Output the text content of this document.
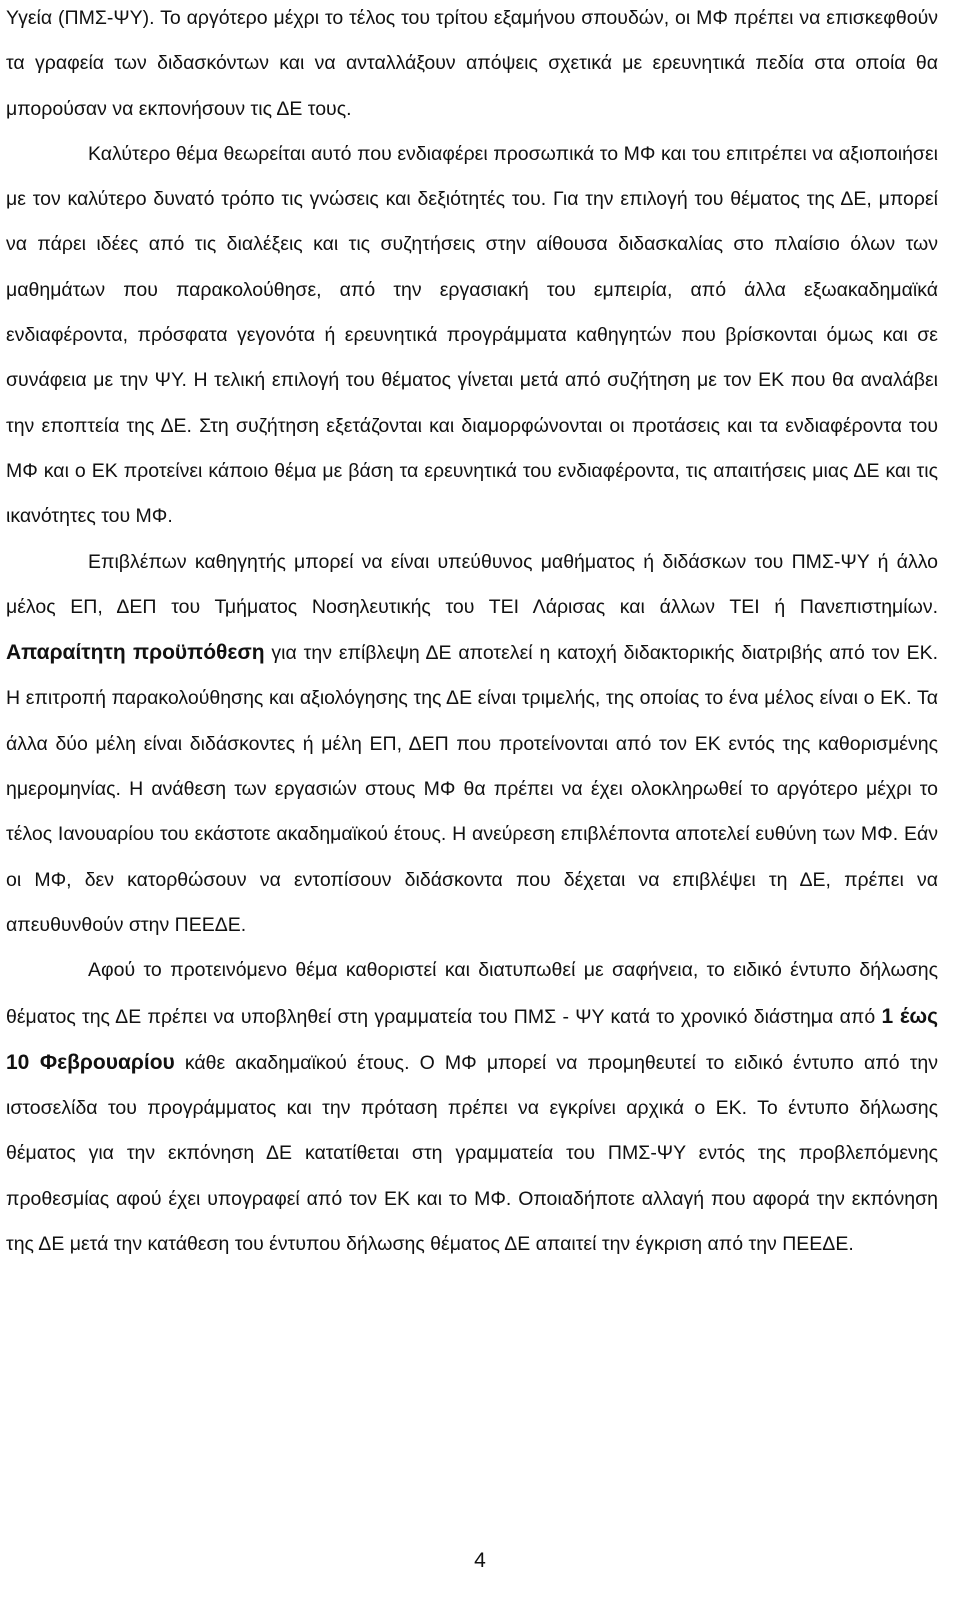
Υγεία (ΠΜΣ-ΨΥ). Το αργότερο μέχρι το τέλος του τρίτου εξαμήνου σπουδών, οι ΜΦ πρέπει να επισκεφθούν τα γραφεία των διδασκόντων και να ανταλλάξουν απόψεις σχετικά με ερευνητικά πεδία στα οποία θα μπορούσαν να εκπονήσουν τις ΔΕ τους.

Καλύτερο θέμα θεωρείται αυτό που ενδιαφέρει προσωπικά το ΜΦ και του επιτρέπει να αξιοποιήσει με τον καλύτερο δυνατό τρόπο τις γνώσεις και δεξιότητές του. Για την επιλογή του θέματος της ΔΕ, μπορεί να πάρει ιδέες από τις διαλέξεις και τις συζητήσεις στην αίθουσα διδασκαλίας στο πλαίσιο όλων των μαθημάτων που παρακολούθησε, από την εργασιακή του εμπειρία, από άλλα εξωακαδημαϊκά ενδιαφέροντα, πρόσφατα γεγονότα ή ερευνητικά προγράμματα καθηγητών που βρίσκονται όμως και σε συνάφεια με την ΨΥ. Η τελική επιλογή του θέματος γίνεται μετά από συζήτηση με τον ΕΚ που θα αναλάβει την εποπτεία της ΔΕ. Στη συζήτηση εξετάζονται και διαμορφώνονται οι προτάσεις και τα ενδιαφέροντα του ΜΦ και ο ΕΚ προτείνει κάποιο θέμα με βάση τα ερευνητικά του ενδιαφέροντα, τις απαιτήσεις μιας ΔΕ και τις ικανότητες του ΜΦ.

Επιβλέπων καθηγητής μπορεί να είναι υπεύθυνος μαθήματος ή διδάσκων του ΠΜΣ-ΨΥ ή άλλο μέλος ΕΠ, ΔΕΠ του Τμήματος Νοσηλευτικής του ΤΕΙ Λάρισας και άλλων ΤΕΙ ή Πανεπιστημίων. Απαραίτητη προϋπόθεση για την επίβλεψη ΔΕ αποτελεί η κατοχή διδακτορικής διατριβής από τον ΕΚ. Η επιτροπή παρακολούθησης και αξιολόγησης της ΔΕ είναι τριμελής, της οποίας το ένα μέλος είναι ο ΕΚ. Τα άλλα δύο μέλη είναι διδάσκοντες ή μέλη ΕΠ, ΔΕΠ που προτείνονται από τον ΕΚ εντός της καθορισμένης ημερομηνίας. Η ανάθεση των εργασιών στους ΜΦ θα πρέπει να έχει ολοκληρωθεί το αργότερο μέχρι το τέλος Ιανουαρίου του εκάστοτε ακαδημαϊκού έτους. Η ανεύρεση επιβλέποντα αποτελεί ευθύνη των ΜΦ. Εάν οι ΜΦ, δεν κατορθώσουν να εντοπίσουν διδάσκοντα που δέχεται να επιβλέψει τη ΔΕ, πρέπει να απευθυνθούν στην ΠΕΕΔΕ.

Αφού το προτεινόμενο θέμα καθοριστεί και διατυπωθεί με σαφήνεια, το ειδικό έντυπο δήλωσης θέματος της ΔΕ πρέπει να υποβληθεί στη γραμματεία του ΠΜΣ - ΨΥ κατά το χρονικό διάστημα από 1 έως 10 Φεβρουαρίου κάθε ακαδημαϊκού έτους. Ο ΜΦ μπορεί να προμηθευτεί το ειδικό έντυπο από την ιστοσελίδα του προγράμματος και την πρόταση πρέπει να εγκρίνει αρχικά ο ΕΚ. Το έντυπο δήλωσης θέματος για την εκπόνηση ΔΕ κατατίθεται στη γραμματεία του ΠΜΣ-ΨΥ εντός της προβλεπόμενης προθεσμίας αφού έχει υπογραφεί από τον ΕΚ και το ΜΦ. Οποιαδήποτε αλλαγή που αφορά την εκπόνηση της ΔΕ μετά την κατάθεση του έντυπου δήλωσης θέματος ΔΕ απαιτεί την έγκριση από την ΠΕΕΔΕ.

4
